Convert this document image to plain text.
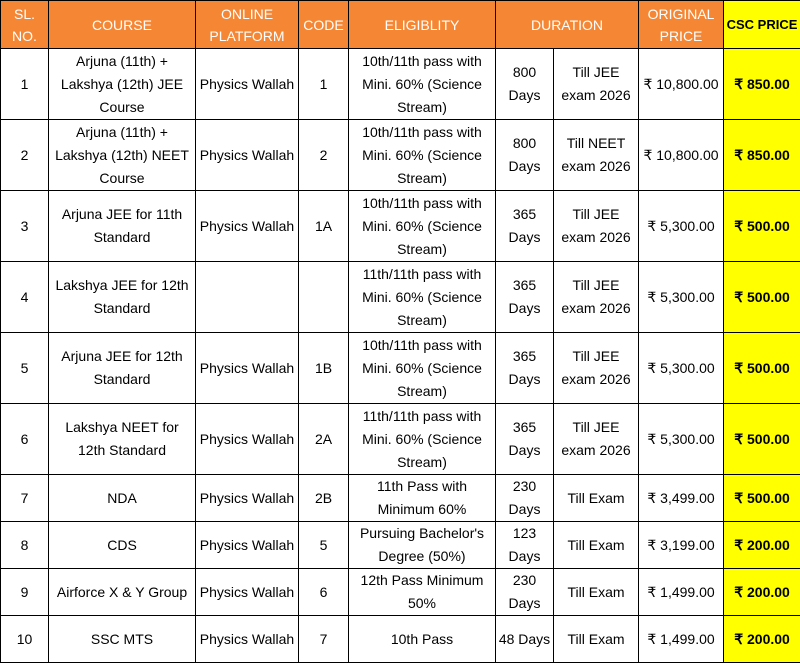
SL. NO.	COURSE	ONLINE PLATFORM	CODE	ELIGIBLITY	DURATION		ORIGINAL PRICE	CSC PRICE
1	Arjuna (11th) + Lakshya (12th) JEE Course	Physics Wallah	1	10th/11th pass with Mini. 60% (Science Stream)	800 Days	Till JEE exam 2026	₹ 10,800.00	₹ 850.00
2	Arjuna (11th) + Lakshya (12th) NEET Course	Physics Wallah	2	10th/11th pass with Mini. 60% (Science Stream)	800 Days	Till NEET exam 2026	₹ 10,800.00	₹ 850.00
3	Arjuna JEE for 11th Standard	Physics Wallah	1A	10th/11th pass with Mini. 60% (Science Stream)	365 Days	Till JEE exam 2026	₹ 5,300.00	₹ 500.00
4	Lakshya JEE for 12th Standard			11th/11th pass with Mini. 60% (Science Stream)	365 Days	Till JEE exam 2026	₹ 5,300.00	₹ 500.00
5	Arjuna JEE for 12th Standard	Physics Wallah	1B	10th/11th pass with Mini. 60% (Science Stream)	365 Days	Till JEE exam 2026	₹ 5,300.00	₹ 500.00
6	Lakshya NEET for 12th Standard	Physics Wallah	2A	11th/11th pass with Mini. 60% (Science Stream)	365 Days	Till JEE exam 2026	₹ 5,300.00	₹ 500.00
7	NDA	Physics Wallah	2B	11th Pass with Minimum 60%	230 Days	Till Exam	₹ 3,499.00	₹ 500.00
8	CDS	Physics Wallah	5	Pursuing Bachelor's Degree (50%)	123 Days	Till Exam	₹ 3,199.00	₹ 200.00
9	Airforce X & Y Group	Physics Wallah	6	12th Pass Minimum 50%	230 Days	Till Exam	₹ 1,499.00	₹ 200.00
10	SSC MTS	Physics Wallah	7	10th Pass	48 Days	Till Exam	₹ 1,499.00	₹ 200.00
